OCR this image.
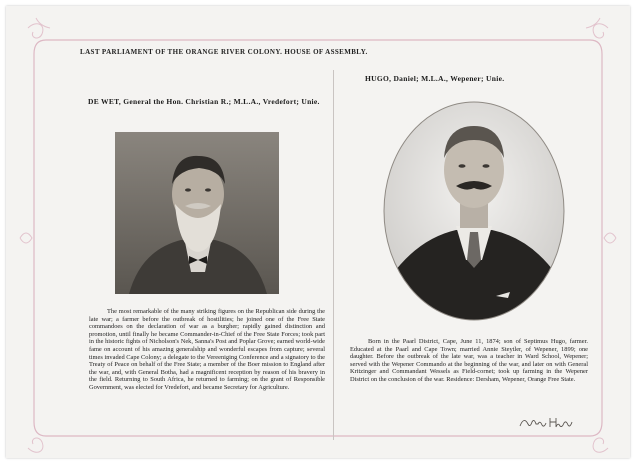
LAST PARLIAMENT OF THE ORANGE RIVER COLONY. HOUSE OF ASSEMBLY.
DE WET, General the Hon. Christian R.; M.L.A., Vredefort; Unie.
The most remarkable of the many striking figures on the Republican side during the late war; a farmer before the outbreak of hostilities; he joined one of the Free State commandoes on the declaration of war as a burgher; rapidly gained distinction and promotion, until finally he became Commander-in-Chief of the Free State Forces; took part in the historic fights of Nicholson's Nek, Sanna's Post and Poplar Grove; earned world-wide fame on account of his amazing generalship and wonderful escapes from capture; several times invaded Cape Colony; a delegate to the Vereeniging Conference and a signatory to the Treaty of Peace on behalf of the Free State; a member of the Boer mission to England after the war, and, with General Botha, had a magnificent reception by reason of his bravery in the field. Returning to South Africa, he returned to farming; on the grant of Responsible Government, was elected for Vredefort, and became Secretary for Agriculture.
HUGO, Daniel; M.L.A., Wepener; Unie.
Born in the Paarl District, Cape, June 11, 1874; son of Septimus Hugo, farmer. Educated at the Paarl and Cape Town; married Annie Steytler, of Wepener, 1899; one daughter. Before the outbreak of the late war, was a teacher in Ward School, Wepener; served with the Wepener Commando at the beginning of the war, and later on with General Kritzinger and Commandant Wessels as Field-cornet; took up farming in the Wepener District on the conclusion of the war. Residence: Dersham, Wepener, Orange Free State.
